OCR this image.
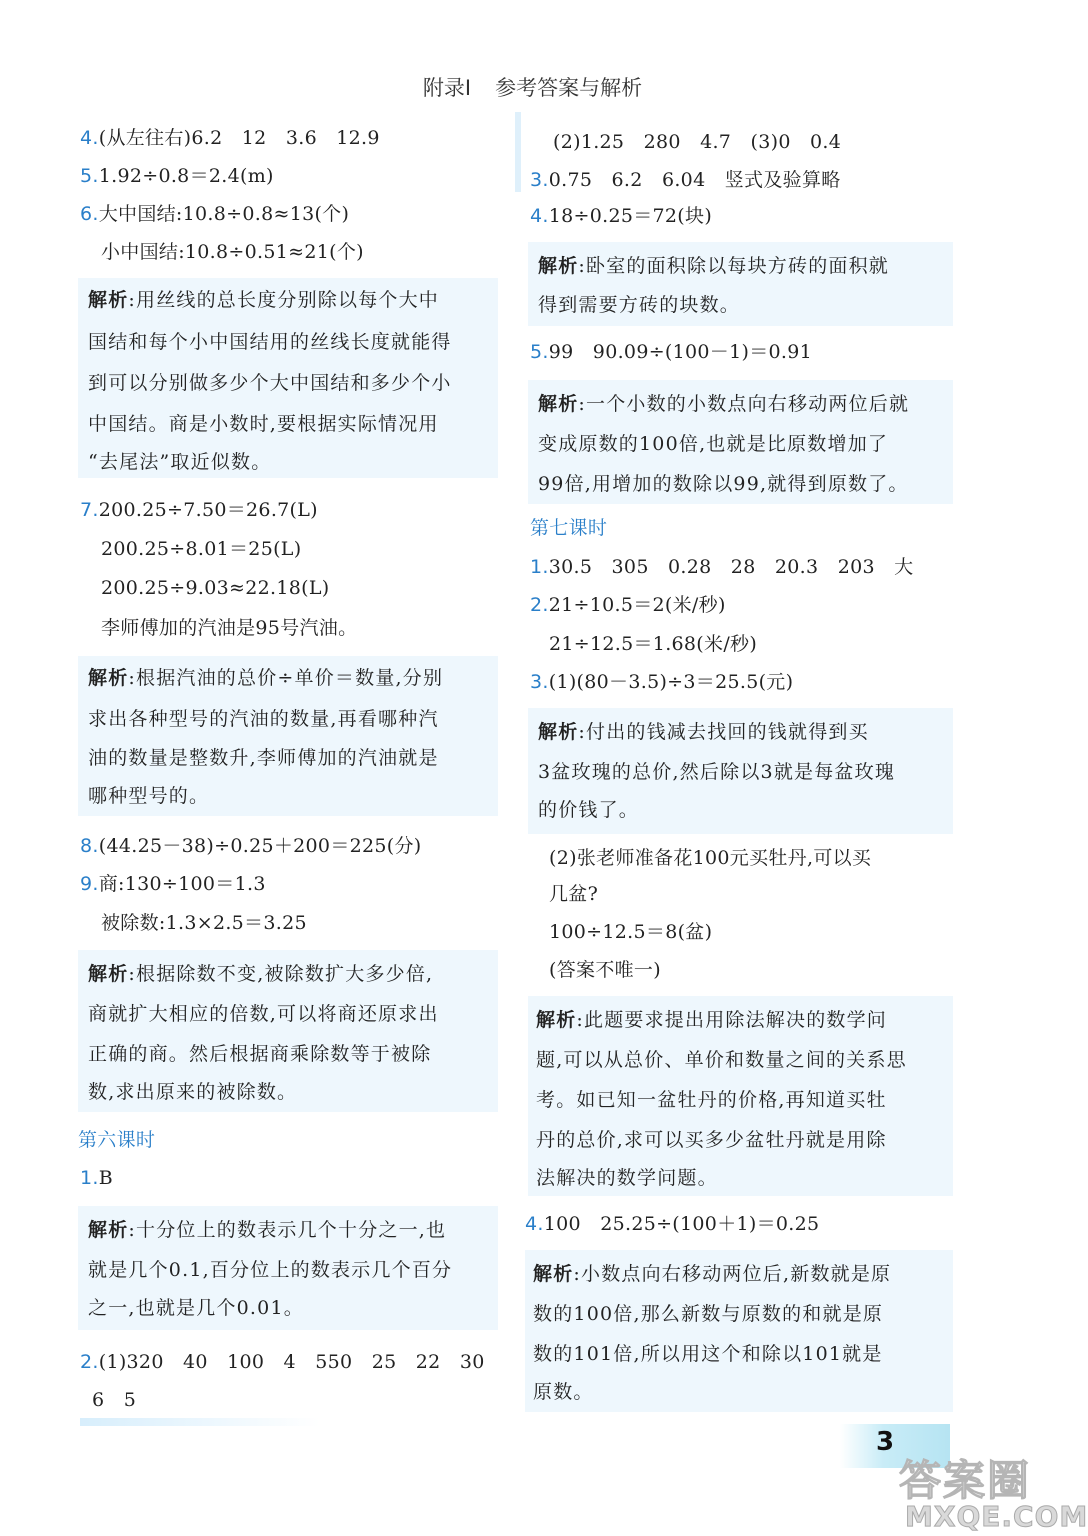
附录Ⅰ 参考答案与解析
4.(从左往右)6.2　12　3.6　12.9
5.1.92÷0.8＝2.4(m)
6.大中国结:10.8÷0.8≈13(个)
小中国结:10.8÷0.51≈21(个)
解析:用丝线的总长度分别除以每个大中
国结和每个小中国结用的丝线长度就能得
到可以分别做多少个大中国结和多少个小
中国结。商是小数时,要根据实际情况用
“去尾法”取近似数。
7.200.25÷7.50＝26.7(L)
200.25÷8.01＝25(L)
200.25÷9.03≈22.18(L)
李师傅加的汽油是95号汽油。
解析:根据汽油的总价÷单价＝数量,分别
求出各种型号的汽油的数量,再看哪种汽
油的数量是整数升,李师傅加的汽油就是
哪种型号的。
8.(44.25－38)÷0.25＋200＝225(分)
9.商:130÷100＝1.3
被除数:1.3×2.5＝3.25
解析:根据除数不变,被除数扩大多少倍,
商就扩大相应的倍数,可以将商还原求出
正确的商。然后根据商乘除数等于被除
数,求出原来的被除数。
第六课时
1.B
解析:十分位上的数表示几个十分之一,也
就是几个0.1,百分位上的数表示几个百分
之一,也就是几个0.01。
2.(1)320　40　100　4　550　25　22　30
6　5
(2)1.25　280　4.7　(3)0　0.4
3.0.75　6.2　6.04　竖式及验算略
4.18÷0.25＝72(块)
解析:卧室的面积除以每块方砖的面积就
得到需要方砖的块数。
5.99　90.09÷(100－1)＝0.91
解析:一个小数的小数点向右移动两位后就
变成原数的100倍,也就是比原数增加了
99倍,用增加的数除以99,就得到原数了。
第七课时
1.30.5　305　0.28　28　20.3　203　大
2.21÷10.5＝2(米/秒)
21÷12.5＝1.68(米/秒)
3.(1)(80－3.5)÷3＝25.5(元)
解析:付出的钱减去找回的钱就得到买
3盆玫瑰的总价,然后除以3就是每盆玫瑰
的价钱了。
(2)张老师准备花100元买牡丹,可以买
几盆?
100÷12.5＝8(盆)
(答案不唯一)
解析:此题要求提出用除法解决的数学问
题,可以从总价、单价和数量之间的关系思
考。如已知一盆牡丹的价格,再知道买牡
丹的总价,求可以买多少盆牡丹就是用除
法解决的数学问题。
4.100　25.25÷(100＋1)＝0.25
解析:小数点向右移动两位后,新数就是原
数的100倍,那么新数与原数的和就是原
数的101倍,所以用这个和除以101就是
原数。
3
答案圈
MXQE.COM
